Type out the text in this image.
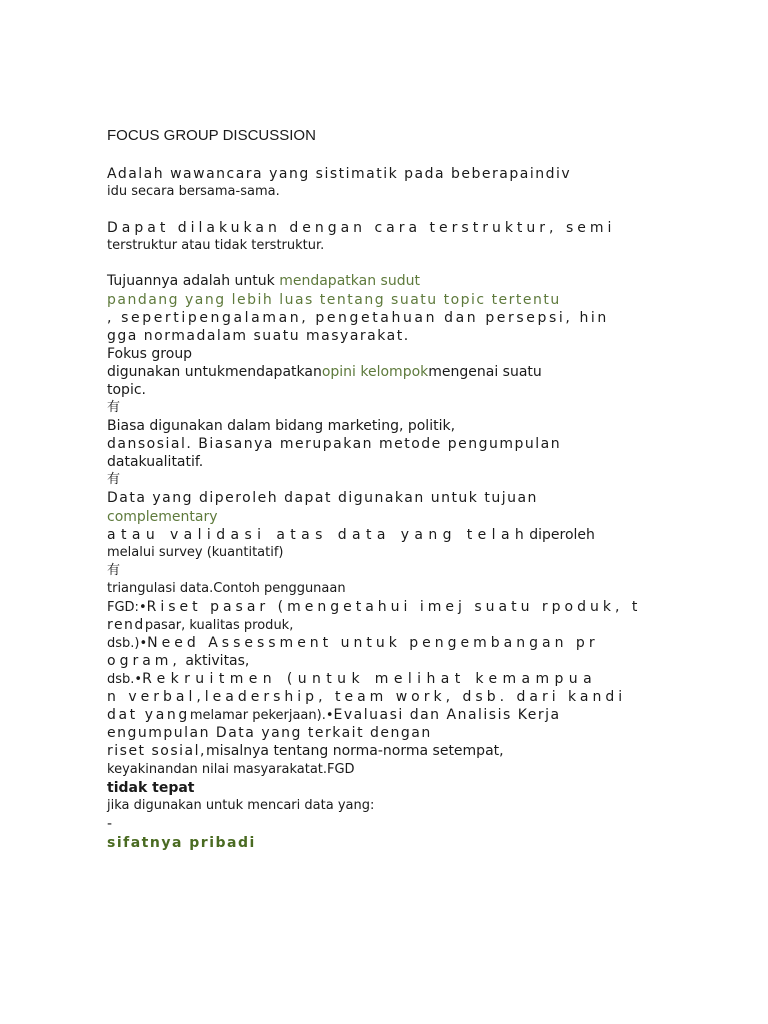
FOCUS GROUP DISCUSSION
Adalah wawancara yang sistimatik pada beberapaindiv
idu secara bersama-sama.
Dapat dilakukan dengan cara terstruktur, semi
terstruktur atau tidak terstruktur.
Tujuannya adalah untuk mendapatkan sudut
pandang yang lebih luas tentang suatu topic tertentu
, sepertipengalaman, pengetahuan dan persepsi, hin
gga normadalam suatu masyarakat.
Fokus group
digunakan untukmendapatkanopini kelompokmengenai suatu
topic.
有
Biasa digunakan dalam bidang marketing, politik,
dansosial. Biasanya merupakan metode pengumpulan
datakualitatif.
有
Data yang diperoleh dapat digunakan untuk tujuan
complementary
atau validasi atas data yang telahdiperoleh
melalui survey (kuantitatif)
有
triangulasi data.Contoh penggunaan
FGD:•Riset pasar (mengetahui imej suatu rpoduk, t
rendpasar, kualitas produk,
dsb.)•Need Assessment untuk pengembangan pr
ogram, aktivitas,
dsb.•Rekruitmen (untuk melihat kemampua
n verbal,leadership, team work, dsb. dari kandi
dat yangmelamar pekerjaan).•Evaluasi dan Analisis Kerja
engumpulan Data yang terkait dengan
riset sosial,misalnya tentang norma-norma setempat,
keyakinandan nilai masyarakatat.FGD
tidak tepat
jika digunakan untuk mencari data yang:
-
sifatnya pribadi
